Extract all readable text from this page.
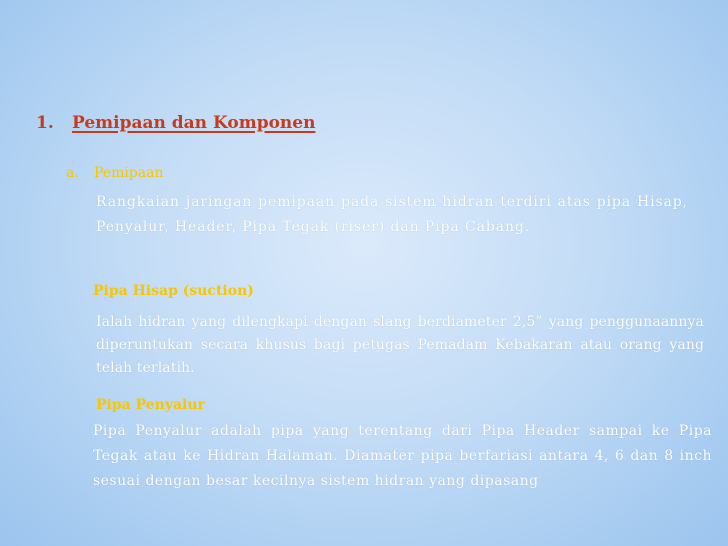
1. Pemipaan dan Komponen
a. Pemipaan
Rangkaian jaringan pemipaan pada sistem hidran terdiri atas pipa Hisap, Penyalur, Header, Pipa Tegak (riser) dan Pipa Cabang.
Pipa Hisap (suction)
Ialah hidran yang dilengkapi dengan slang berdiameter 2,5” yang penggunaannya diperuntukan secara khusus bagi petugas Pemadam Kebakaran atau orang yang telah terlatih.
Pipa Penyalur
Pipa Penyalur adalah pipa yang terentang dari Pipa Header sampai ke Pipa Tegak atau ke Hidran Halaman. Diamater pipa berfariasi antara 4, 6 dan 8 inch sesuai dengan besar kecilnya sistem hidran yang dipasang
